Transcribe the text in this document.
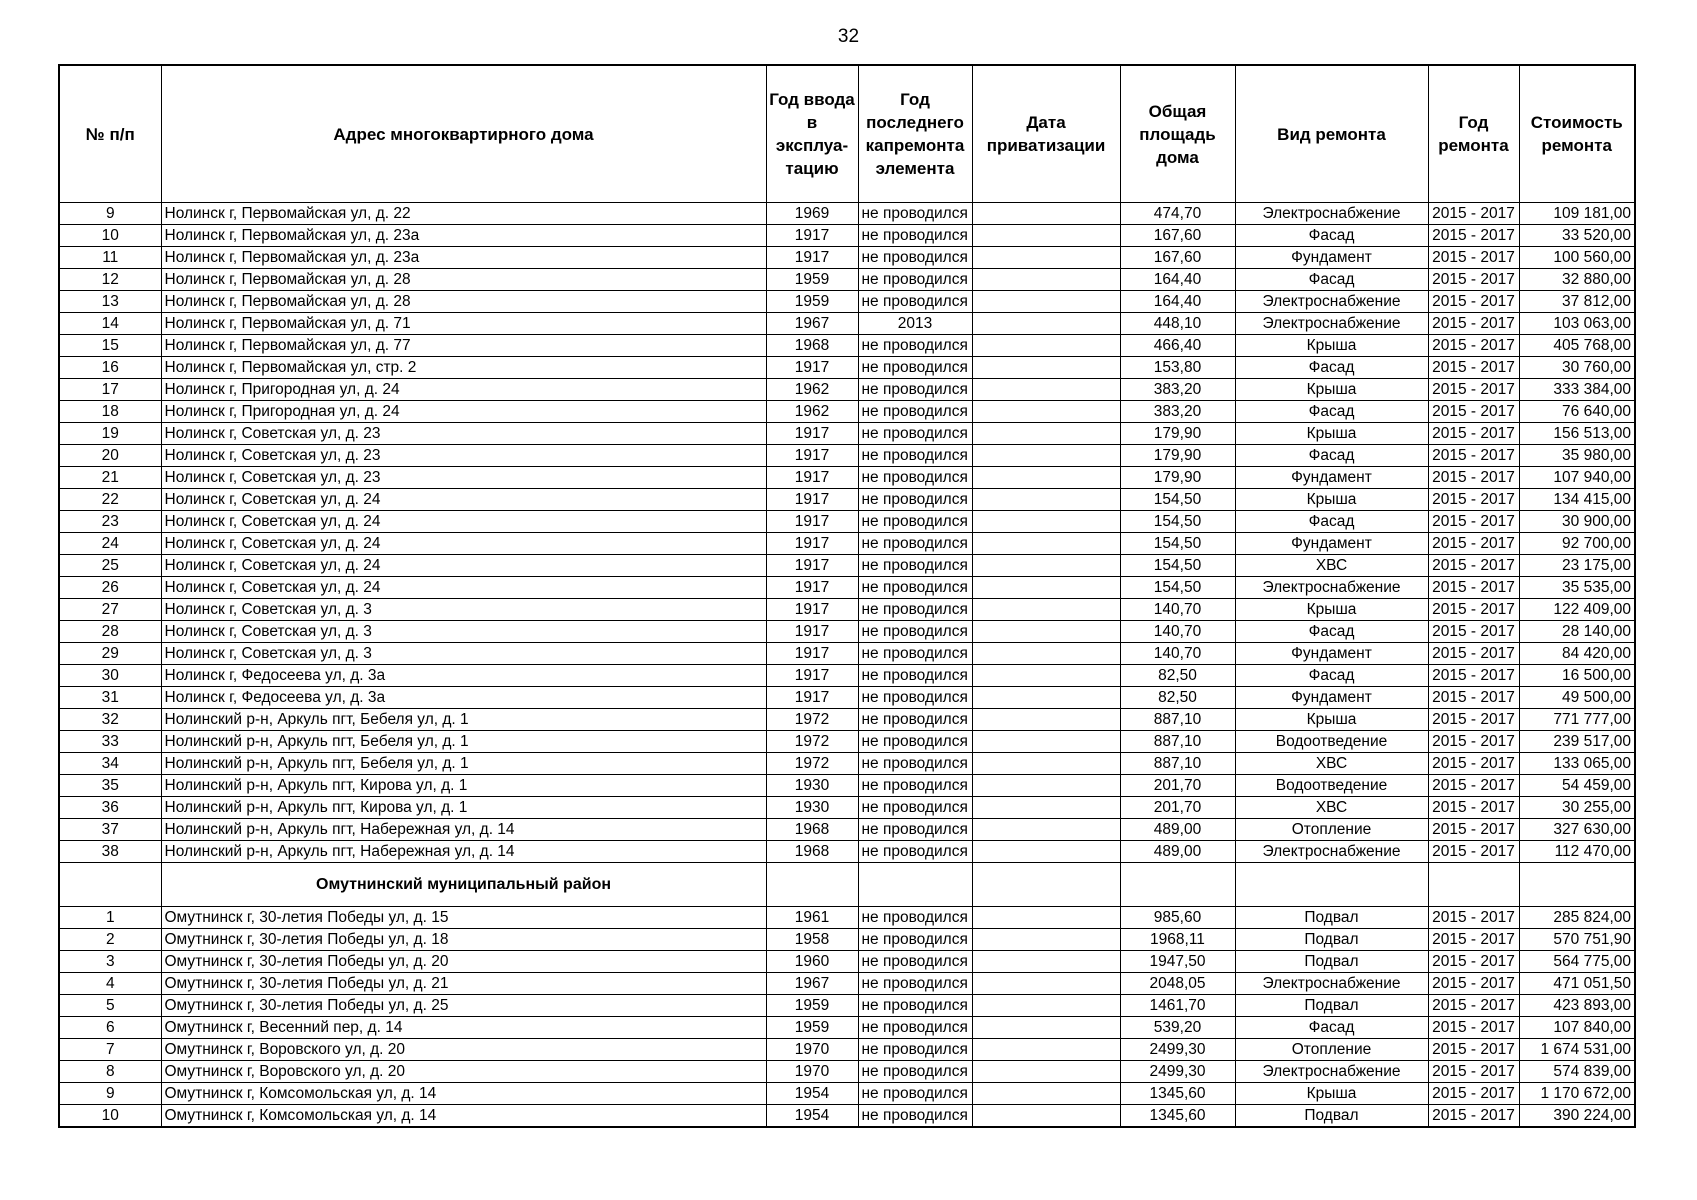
32
№ п/п	Адрес многоквартирного дома	Год ввода в эксплуа-тацию	Год последнего капремонта элемента	Дата приватизации	Общая площадь дома	Вид ремонта	Год ремонта	Стоимость ремонта
9	Нолинск г, Первомайская ул, д. 22	1969	не проводился		474,70	Электроснабжение	2015 - 2017	109 181,00
10	Нолинск г, Первомайская ул, д. 23а	1917	не проводился		167,60	Фасад	2015 - 2017	33 520,00
11	Нолинск г, Первомайская ул, д. 23а	1917	не проводился		167,60	Фундамент	2015 - 2017	100 560,00
12	Нолинск г, Первомайская ул, д. 28	1959	не проводился		164,40	Фасад	2015 - 2017	32 880,00
13	Нолинск г, Первомайская ул, д. 28	1959	не проводился		164,40	Электроснабжение	2015 - 2017	37 812,00
14	Нолинск г, Первомайская ул, д. 71	1967	2013		448,10	Электроснабжение	2015 - 2017	103 063,00
15	Нолинск г, Первомайская ул, д. 77	1968	не проводился		466,40	Крыша	2015 - 2017	405 768,00
16	Нолинск г, Первомайская ул, стр. 2	1917	не проводился		153,80	Фасад	2015 - 2017	30 760,00
17	Нолинск г, Пригородная ул, д. 24	1962	не проводился		383,20	Крыша	2015 - 2017	333 384,00
18	Нолинск г, Пригородная ул, д. 24	1962	не проводился		383,20	Фасад	2015 - 2017	76 640,00
19	Нолинск г, Советская ул, д. 23	1917	не проводился		179,90	Крыша	2015 - 2017	156 513,00
20	Нолинск г, Советская ул, д. 23	1917	не проводился		179,90	Фасад	2015 - 2017	35 980,00
21	Нолинск г, Советская ул, д. 23	1917	не проводился		179,90	Фундамент	2015 - 2017	107 940,00
22	Нолинск г, Советская ул, д. 24	1917	не проводился		154,50	Крыша	2015 - 2017	134 415,00
23	Нолинск г, Советская ул, д. 24	1917	не проводился		154,50	Фасад	2015 - 2017	30 900,00
24	Нолинск г, Советская ул, д. 24	1917	не проводился		154,50	Фундамент	2015 - 2017	92 700,00
25	Нолинск г, Советская ул, д. 24	1917	не проводился		154,50	ХВС	2015 - 2017	23 175,00
26	Нолинск г, Советская ул, д. 24	1917	не проводился		154,50	Электроснабжение	2015 - 2017	35 535,00
27	Нолинск г, Советская ул, д. 3	1917	не проводился		140,70	Крыша	2015 - 2017	122 409,00
28	Нолинск г, Советская ул, д. 3	1917	не проводился		140,70	Фасад	2015 - 2017	28 140,00
29	Нолинск г, Советская ул, д. 3	1917	не проводился		140,70	Фундамент	2015 - 2017	84 420,00
30	Нолинск г, Федосеева ул, д. 3а	1917	не проводился		82,50	Фасад	2015 - 2017	16 500,00
31	Нолинск г, Федосеева ул, д. 3а	1917	не проводился		82,50	Фундамент	2015 - 2017	49 500,00
32	Нолинский р-н, Аркуль пгт, Бебеля ул, д. 1	1972	не проводился		887,10	Крыша	2015 - 2017	771 777,00
33	Нолинский р-н, Аркуль пгт, Бебеля ул, д. 1	1972	не проводился		887,10	Водоотведение	2015 - 2017	239 517,00
34	Нолинский р-н, Аркуль пгт, Бебеля ул, д. 1	1972	не проводился		887,10	ХВС	2015 - 2017	133 065,00
35	Нолинский р-н, Аркуль пгт, Кирова ул, д. 1	1930	не проводился		201,70	Водоотведение	2015 - 2017	54 459,00
36	Нолинский р-н, Аркуль пгт, Кирова ул, д. 1	1930	не проводился		201,70	ХВС	2015 - 2017	30 255,00
37	Нолинский р-н, Аркуль пгт, Набережная ул, д. 14	1968	не проводился		489,00	Отопление	2015 - 2017	327 630,00
38	Нолинский р-н, Аркуль пгт, Набережная ул, д. 14	1968	не проводился		489,00	Электроснабжение	2015 - 2017	112 470,00
	Омутнинский муниципальный район							
1	Омутнинск г, 30-летия Победы ул, д. 15	1961	не проводился		985,60	Подвал	2015 - 2017	285 824,00
2	Омутнинск г, 30-летия Победы ул, д. 18	1958	не проводился		1968,11	Подвал	2015 - 2017	570 751,90
3	Омутнинск г, 30-летия Победы ул, д. 20	1960	не проводился		1947,50	Подвал	2015 - 2017	564 775,00
4	Омутнинск г, 30-летия Победы ул, д. 21	1967	не проводился		2048,05	Электроснабжение	2015 - 2017	471 051,50
5	Омутнинск г, 30-летия Победы ул, д. 25	1959	не проводился		1461,70	Подвал	2015 - 2017	423 893,00
6	Омутнинск г, Весенний пер, д. 14	1959	не проводился		539,20	Фасад	2015 - 2017	107 840,00
7	Омутнинск г, Воровского ул, д. 20	1970	не проводился		2499,30	Отопление	2015 - 2017	1 674 531,00
8	Омутнинск г, Воровского ул, д. 20	1970	не проводился		2499,30	Электроснабжение	2015 - 2017	574 839,00
9	Омутнинск г, Комсомольская ул, д. 14	1954	не проводился		1345,60	Крыша	2015 - 2017	1 170 672,00
10	Омутнинск г, Комсомольская ул, д. 14	1954	не проводился		1345,60	Подвал	2015 - 2017	390 224,00
